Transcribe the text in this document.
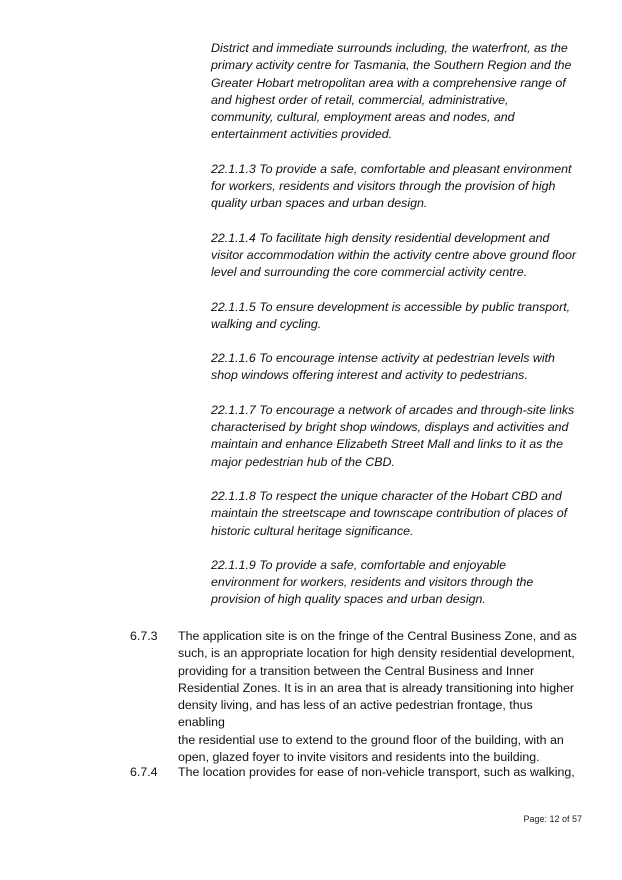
District and immediate surrounds including, the waterfront, as the
primary activity centre for Tasmania, the Southern Region and the
Greater Hobart metropolitan area with a comprehensive range of
and highest order of retail, commercial, administrative,
community, cultural, employment areas and nodes, and
entertainment activities provided.

22.1.1.3 To provide a safe, comfortable and pleasant environment
for workers, residents and visitors through the provision of high
quality urban spaces and urban design.

22.1.1.4 To facilitate high density residential development and
visitor accommodation within the activity centre above ground floor
level and surrounding the core commercial activity centre.

22.1.1.5 To ensure development is accessible by public transport,
walking and cycling.

22.1.1.6 To encourage intense activity at pedestrian levels with
shop windows offering interest and activity to pedestrians.

22.1.1.7 To encourage a network of arcades and through-site links
characterised by bright shop windows, displays and activities and
maintain and enhance Elizabeth Street Mall and links to it as the
major pedestrian hub of the CBD.

22.1.1.8 To respect the unique character of the Hobart CBD and
maintain the streetscape and townscape contribution of places of
historic cultural heritage significance.

22.1.1.9 To provide a safe, comfortable and enjoyable
environment for workers, residents and visitors through the
provision of high quality spaces and urban design.

6.7.3 The application site is on the fringe of the Central Business Zone, and as
such, is an appropriate location for high density residential development,
providing for a transition between the Central Business and Inner
Residential Zones. It is in an area that is already transitioning into higher
density living, and has less of an active pedestrian frontage, thus enabling
the residential use to extend to the ground floor of the building, with an
open, glazed foyer to invite visitors and residents into the building.
6.7.4 The location provides for ease of non-vehicle transport, such as walking,
Page: 12 of 57
